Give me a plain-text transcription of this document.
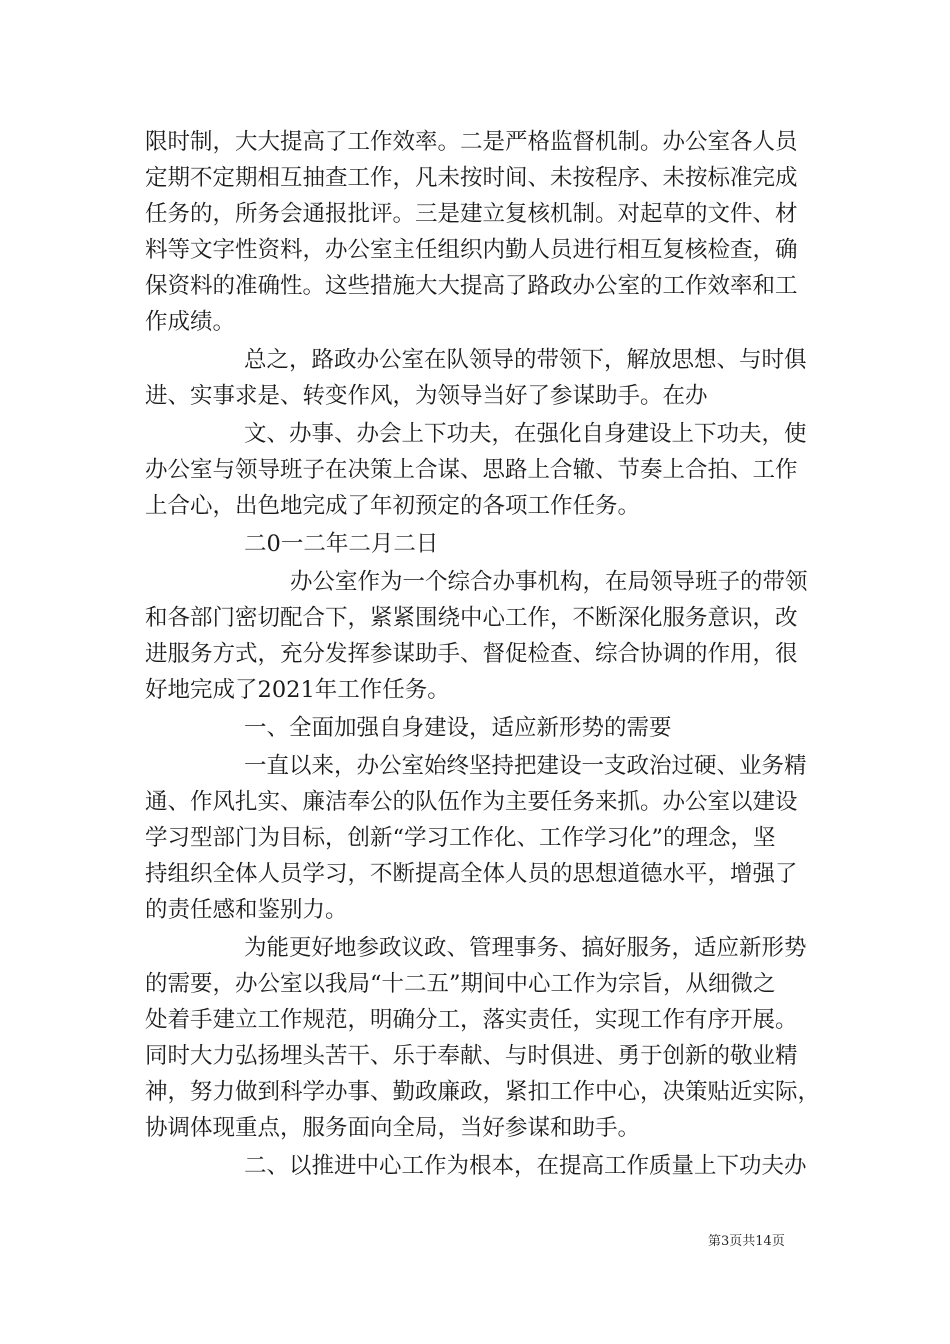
限时制，大大提高了工作效率。二是严格监督机制。办公室各人员
定期不定期相互抽查工作，凡未按时间、未按程序、未按标准完成
任务的，所务会通报批评。三是建立复核机制。对起草的文件、材
料等文字性资料，办公室主任组织内勤人员进行相互复核检查，确
保资料的准确性。这些措施大大提高了路政办公室的工作效率和工
作成绩。
总之，路政办公室在队领导的带领下，解放思想、与时俱
进、实事求是、转变作风，为领导当好了参谋助手。在办
文、办事、办会上下功夫，在强化自身建设上下功夫，使
办公室与领导班子在决策上合谋、思路上合辙、节奏上合拍、工作
上合心，出色地完成了年初预定的各项工作任务。
二0一二年二月二日
办公室作为一个综合办事机构，在局领导班子的带领
和各部门密切配合下，紧紧围绕中心工作，不断深化服务意识，改
进服务方式，充分发挥参谋助手、督促检查、综合协调的作用，很
好地完成了2021年工作任务。
一、全面加强自身建设，适应新形势的需要
一直以来，办公室始终坚持把建设一支政治过硬、业务精
通、作风扎实、廉洁奉公的队伍作为主要任务来抓。办公室以建设
学习型部门为目标，创新“学习工作化、工作学习化”的理念，坚
持组织全体人员学习，不断提高全体人员的思想道德水平，增强了
的责任感和鉴别力。
为能更好地参政议政、管理事务、搞好服务，适应新形势
的需要，办公室以我局“十二五”期间中心工作为宗旨，从细微之
处着手建立工作规范，明确分工，落实责任，实现工作有序开展。
同时大力弘扬埋头苦干、乐于奉献、与时俱进、勇于创新的敬业精
神，努力做到科学办事、勤政廉政，紧扣工作中心，决策贴近实际，
协调体现重点，服务面向全局，当好参谋和助手。
二、以推进中心工作为根本，在提高工作质量上下功夫办
第3页共14页
